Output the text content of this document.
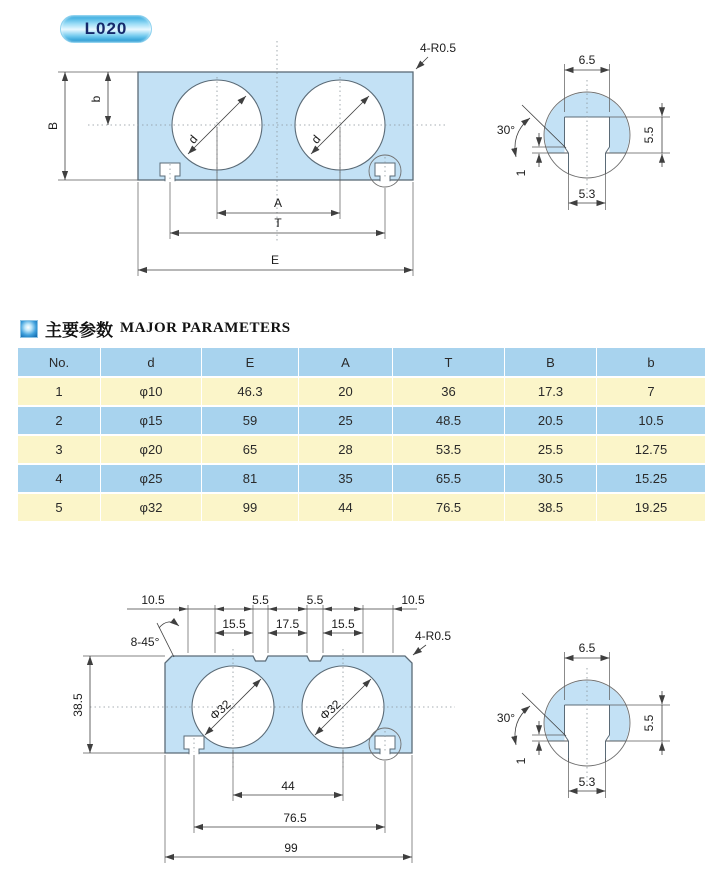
L020
d	d
B
b
A
T
E
4-R0.5
6.5
5.3
5.5
1
30°
主要参数 MAJOR PARAMETERS
No.	d	E	A	T	B	b
1	φ10	46.3	20	36	17.3	7
2	φ15	59	25	48.5	20.5	10.5
3	φ20	65	28	53.5	25.5	12.75
4	φ25	81	35	65.5	30.5	15.25
5	φ32	99	44	76.5	38.5	19.25
Φ32	Φ32
10.5	5.5	5.5	10.5
15.5	17.5	15.5
8-45°	4-R0.5
38.5
44
76.5
99
6.5
5.3
5.5
1
30°
